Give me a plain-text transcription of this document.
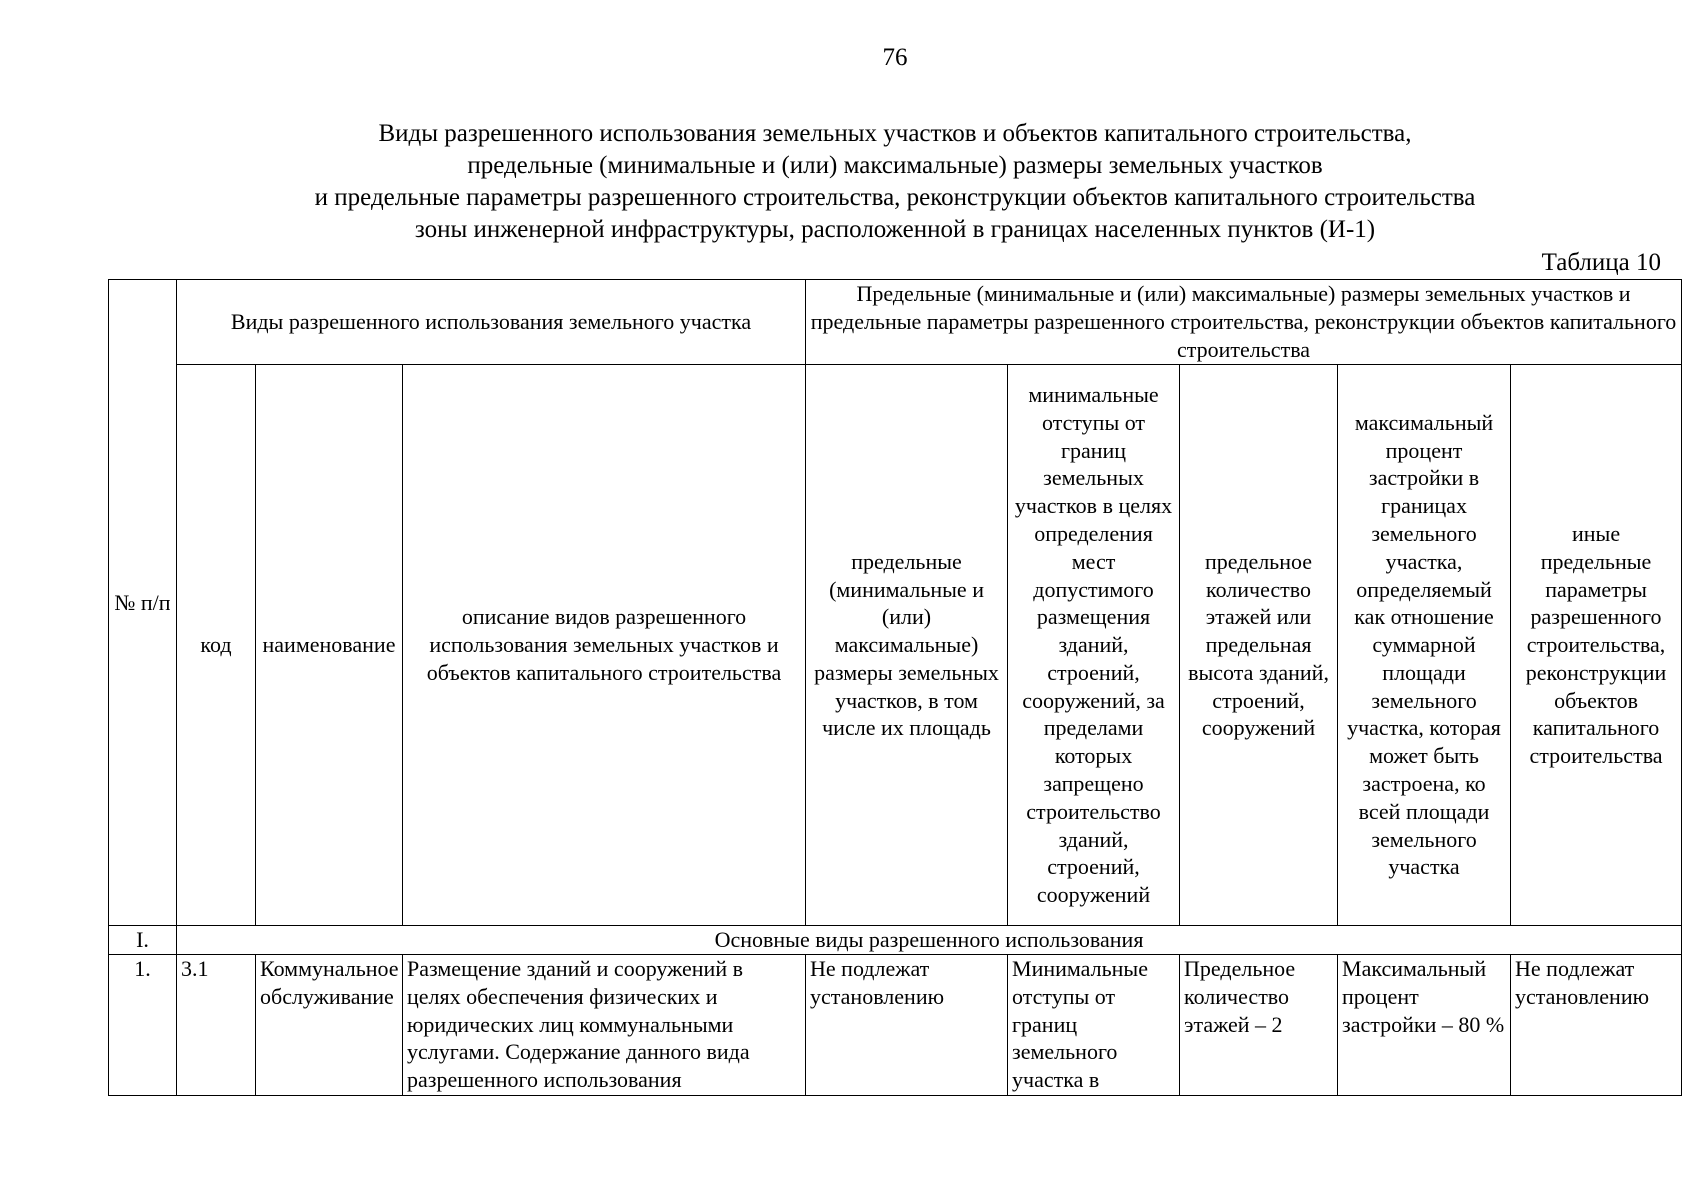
76
Виды разрешенного использования земельных участков и объектов капитального строительства,
предельные (минимальные и (или) максимальные) размеры земельных участков
и предельные параметры разрешенного строительства, реконструкции объектов капитального строительства
зоны инженерной инфраструктуры, расположенной в границах населенных пунктов (И-1)
Таблица 10
№ п/п	Виды разрешенного использования земельного участка			Предельные (минимальные и (или) максимальные) размеры земельных участков и предельные параметры разрешенного строительства, реконструкции объектов капитального строительства				
	код	наименование	описание видов разрешенного использования земельных участков и объектов капитального строительства	предельные (минимальные и (или) максимальные) размеры земельных участков, в том числе их площадь	минимальные отступы от границ земельных участков в целях определения мест допустимого размещения зданий, строений, сооружений, за пределами которых запрещено строительство зданий, строений, сооружений	предельное количество этажей или предельная высота зданий, строений, сооружений	максимальный процент застройки в границах земельного участка, определяемый как отношение суммарной площади земельного участка, которая может быть застроена, ко всей площади земельного участка	иные предельные параметры разрешенного строительства, реконструкции объектов капитального строительства
I.	Основные виды разрешенного использования							
1.	3.1	Коммунальное обслуживание	Размещение зданий и сооружений в целях обеспечения физических и юридических лиц коммунальными услугами. Содержание данного вида разрешенного использования	Не подлежат установлению	Минимальные отступы от границ земельного участка в	Предельное количество этажей – 2	Максимальный процент застройки – 80 %	Не подлежат установлению
